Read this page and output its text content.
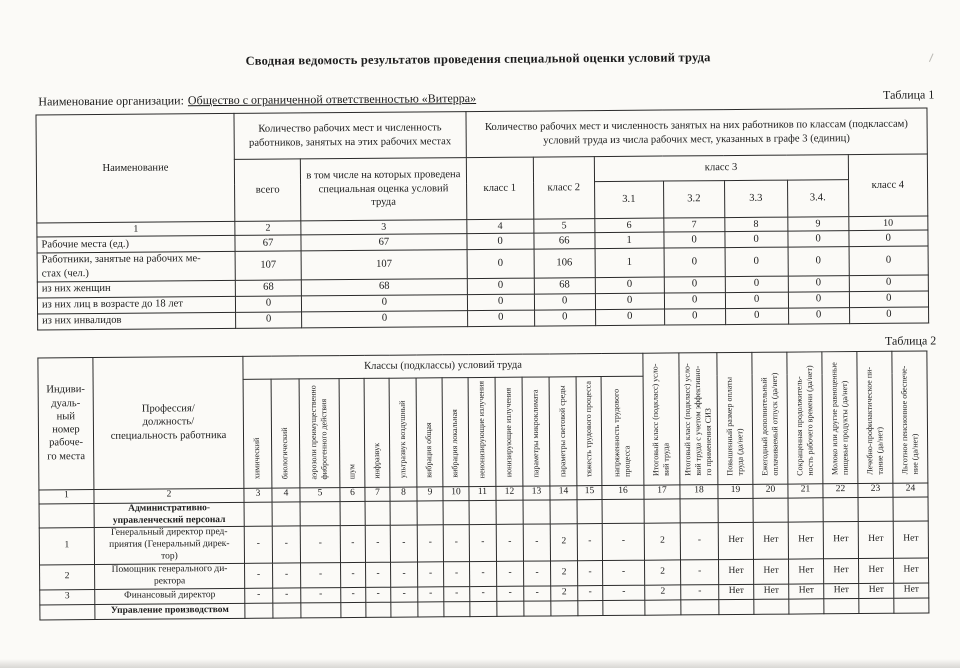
Сводная ведомость результатов проведения специальной оценки условий труда
Наименование организации: Общество с ограниченной ответственностью «Витерра»	Таблица 1
Наименование	Количество рабочих мест и численность работников, занятых на этих рабочих местах		Количество рабочих мест и численность занятых на них работников по классам (подклассам) условий труда из числа рабочих мест, указанных в графе 3 (единиц)						
	всего	в том числе на которых проведена специальная оценка условий труда	класс 1	класс 2	класс 3				класс 4
					3.1	3.2	3.3	3.4.	
1	2	3	4	5	6	7	8	9	10
Рабочие места (ед.)	67	67	0	66	1	0	0	0	0
Работники, занятые на рабочих ме-
стах (чел.)	107	107	0	106	1	0	0	0	0
из них женщин	68	68	0	68	0	0	0	0	0
из них лиц в возрасте до 18 лет	0	0	0	0	0	0	0	0	0
из них инвалидов	0	0	0	0	0	0	0	0	0
Таблица 2
Индиви-
дуаль-
ный
номер
рабоче-
го места	Профессия/
должность/
специальность работника	Классы (подклассы) условий труда	Итоговый класс (подкласс) усло-
вий труда	Итоговый класс (подкласс) усло-
вий труда с учетом эффективно-
го применения СИЗ	Повышенный размер оплаты
труда (да/нет)	Ежегодный дополнительный
оплачиваемый отпуск (да/нет)	Сокращенная продолжитель-
ность рабочего времени (да/нет)	Молоко или другие равноценные
пищевые продукты (да/нет)	Лечебно-профилактическое пи-
тание (да/нет)	Льготное пенсионное обеспече-
ние (да/нет)
		химический	биологический	аэрозоли преимущественно
фиброгенного действия	шум	инфразвук	ультразвук воздушный	вибрация общая	вибрация локальная	неионизирующие излучения	ионизирующие излучения	параметры микроклимата	параметры световой среды	тяжесть трудового процесса	напряженность трудового
процесса								
1	2	3	4	5	6	7	8	9	10	11	12	13	14	15	16	17	18	19	20	21	22	23	24
	Административно-
управленческий персонал																						
1	Генеральный директор пред-
приятия (Генеральный дирек-
тор)	-	-	-	-	-	-	-	-	-	-	-	2	-	-	2	-	Нет	Нет	Нет	Нет	Нет	Нет
2	Помощник генерального ди-
ректора	-	-	-	-	-	-	-	-	-	-	-	2	-	-	2	-	Нет	Нет	Нет	Нет	Нет	Нет
3	Финансовый директор	-	-	-	-	-	-	-	-	-	-	-	2	-	-	2	-	Нет	Нет	Нет	Нет	Нет	Нет
	Управление производством																						
